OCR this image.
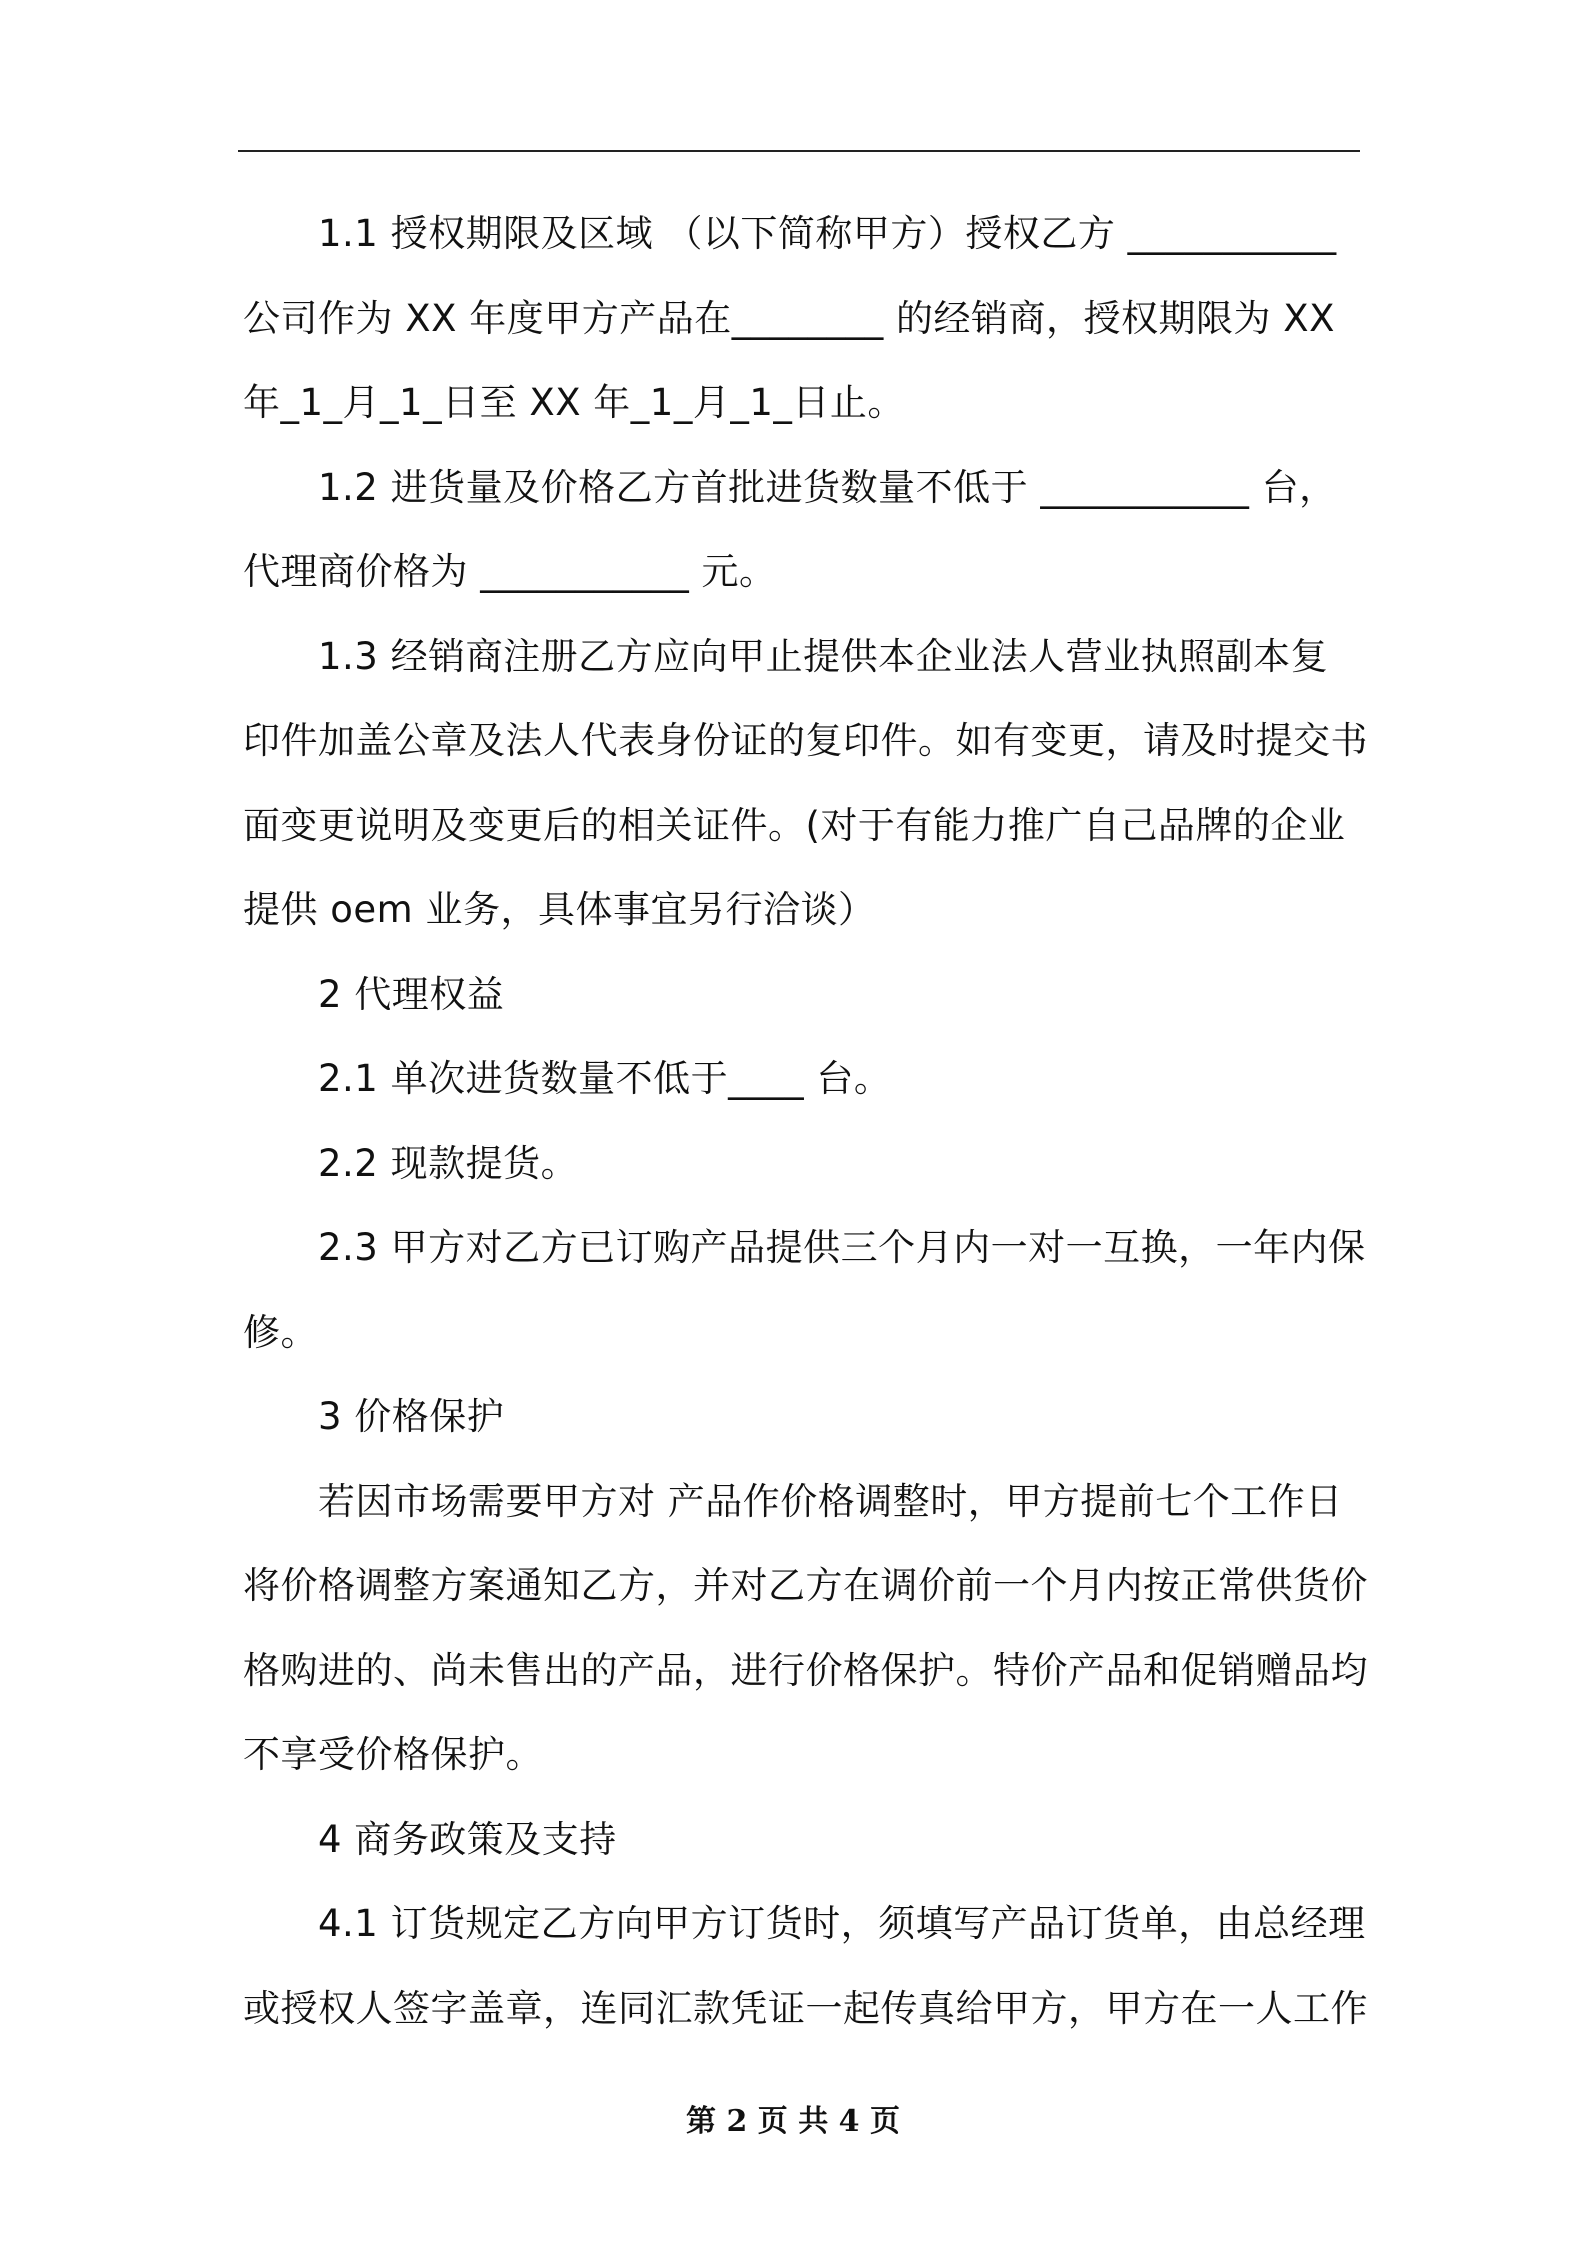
1.1 授权期限及区域 （以下简称甲方）授权乙方 ___________
公司作为 XX 年度甲方产品在________ 的经销商，授权期限为 XX
年_1_月_1_日至 XX 年_1_月_1_日止。
1.2 进货量及价格乙方首批进货数量不低于 ___________ 台，
代理商价格为 ___________ 元。
1.3 经销商注册乙方应向甲止提供本企业法人营业执照副本复
印件加盖公章及法人代表身份证的复印件。如有变更，请及时提交书
面变更说明及变更后的相关证件。(对于有能力推广自己品牌的企业
提供 oem 业务，具体事宜另行洽谈）
2 代理权益
2.1 单次进货数量不低于____ 台。
2.2 现款提货。
2.3 甲方对乙方已订购产品提供三个月内一对一互换，一年内保
修。
3 价格保护
若因市场需要甲方对 产品作价格调整时，甲方提前七个工作日
将价格调整方案通知乙方，并对乙方在调价前一个月内按正常供货价
格购进的、尚未售出的产品，进行价格保护。特价产品和促销赠品均
不享受价格保护。
4 商务政策及支持
4.1 订货规定乙方向甲方订货时，须填写产品订货单，由总经理
或授权人签字盖章，连同汇款凭证一起传真给甲方，甲方在一人工作
第 2 页 共 4 页
